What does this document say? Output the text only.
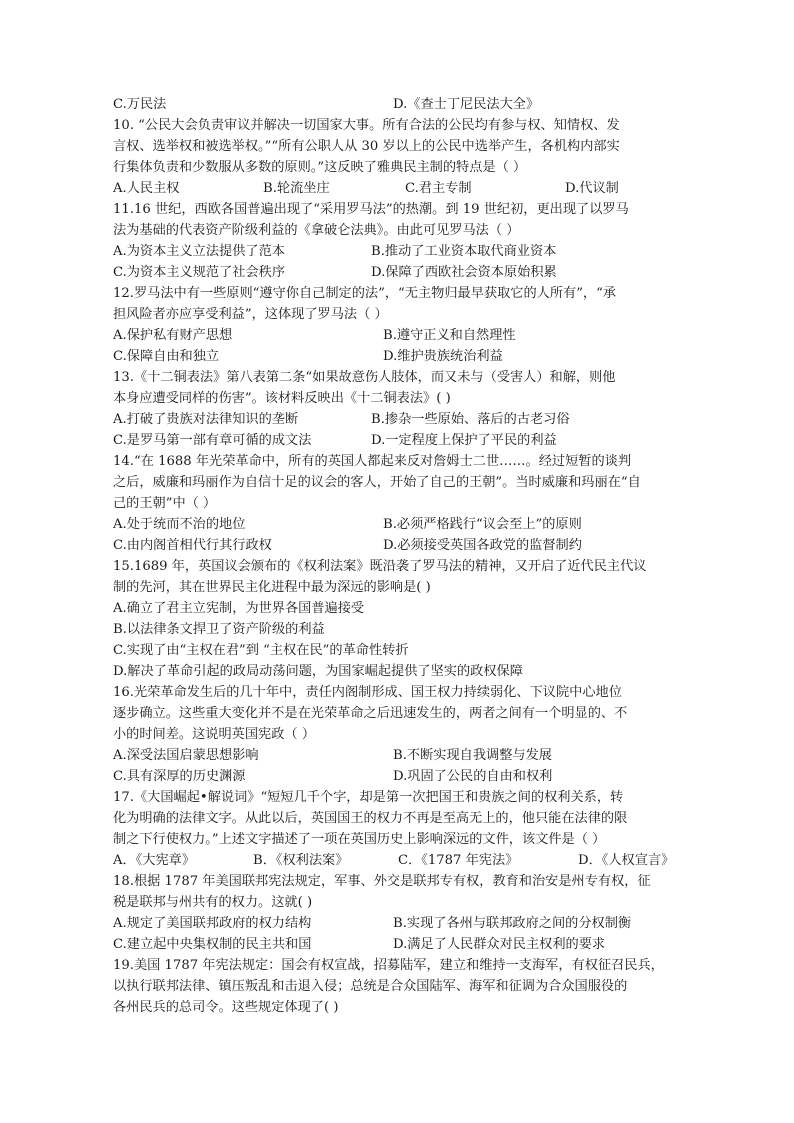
C.万民法	D.《查士丁尼民法大全》
10. “公民大会负责审议并解决一切国家大事。所有合法的公民均有参与权、知情权、发
言权、选举权和被选举权。”“所有公职人从 30 岁以上的公民中选举产生，各机构内部实
行集体负责和少数服从多数的原则。”这反映了雅典民主制的特点是（ ）
A.人民主权	B.轮流坐庄	C.君主专制	D.代议制
11.16 世纪，西欧各国普遍出现了“采用罗马法”的热潮。到 19 世纪初，更出现了以罗马
法为基础的代表资产阶级利益的《拿破仑法典》。由此可见罗马法（ ）
A.为资本主义立法提供了范本	B.推动了工业资本取代商业资本
C.为资本主义规范了社会秩序	D.保障了西欧社会资本原始积累
12.罗马法中有一些原则“遵守你自己制定的法”，“无主物归最早获取它的人所有”，“承
担风险者亦应享受利益”，这体现了罗马法（ ）
A.保护私有财产思想	B.遵守正义和自然理性
C.保障自由和独立	D.维护贵族统治利益
13.《十二铜表法》第八表第二条“如果故意伤人肢体，而又未与（受害人）和解，则他
本身应遭受同样的伤害”。该材料反映出《十二铜表法》( )
A.打破了贵族对法律知识的垄断	B.掺杂一些原始、落后的古老习俗
C.是罗马第一部有章可循的成文法	D.一定程度上保护了平民的利益
14.“在 1688 年光荣革命中，所有的英国人都起来反对詹姆士二世……。经过短暂的谈判
之后，威廉和玛丽作为自信十足的议会的客人，开始了自己的王朝”。当时威廉和玛丽在“自
己的王朝”中（ ）
A.处于统而不治的地位	B.必须严格践行“议会至上”的原则
C.由内阁首相代行其行政权	D.必须接受英国各政党的监督制约
15.1689 年，英国议会颁布的《权利法案》既沿袭了罗马法的精神，又开启了近代民主代议
制的先河，其在世界民主化进程中最为深远的影响是( )
A.确立了君主立宪制，为世界各国普遍接受
B.以法律条文捍卫了资产阶级的利益
C.实现了由“主权在君”到 “主权在民”的革命性转折
D.解决了革命引起的政局动荡问题，为国家崛起提供了坚实的政权保障
16.光荣革命发生后的几十年中，责任内阁制形成、国王权力持续弱化、下议院中心地位
逐步确立。这些重大变化并不是在光荣革命之后迅速发生的，两者之间有一个明显的、不
小的时间差。这说明英国宪政（ ）
A.深受法国启蒙思想影响	B.不断实现自我调整与发展
C.具有深厚的历史渊源	D.巩固了公民的自由和权利
17.《大国崛起•解说词》“短短几千个字，却是第一次把国王和贵族之间的权利关系，转
化为明确的法律文字。从此以后，英国国王的权力不再是至高无上的，他只能在法律的限
制之下行使权力。”上述文字描述了一项在英国历史上影响深远的文件，该文件是（ ）
A．《大宪章》	B．《权利法案》	C．《1787 年宪法》	D．《人权宣言》
18.根据 1787 年美国联邦宪法规定，军事、外交是联邦专有权，教育和治安是州专有权，征
税是联邦与州共有的权力。这就( )
A.规定了美国联邦政府的权力结构	B.实现了各州与联邦政府之间的分权制衡
C.建立起中央集权制的民主共和国	D.满足了人民群众对民主权利的要求
19.美国 1787 年宪法规定：国会有权宣战，招募陆军，建立和维持一支海军，有权征召民兵，
以执行联邦法律、镇压叛乱和击退入侵；总统是合众国陆军、海军和征调为合众国服役的
各州民兵的总司令。这些规定体现了( )
